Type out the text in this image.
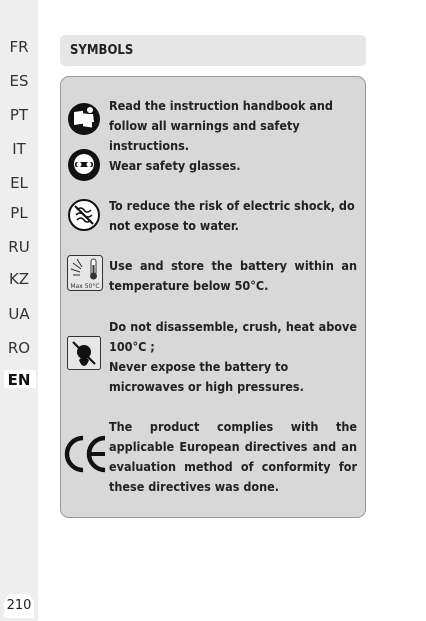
FR
ES
PT
IT
EL
PL
RU
KZ
UA
RO
EN
210
SYMBOLS
Read the instruction handbook and follow all warnings and safety instructions.
Wear safety glasses.
To reduce the risk of electric shock, do not expose to water.
Max 50°C
Use and store the battery within an temperature below 50°C.
Do not disassemble, crush, heat above 100°C ;
Never expose the battery to microwaves or high pressures.
The product complies with the applicable European directives and an evaluation method of conformity for these directives was done.
